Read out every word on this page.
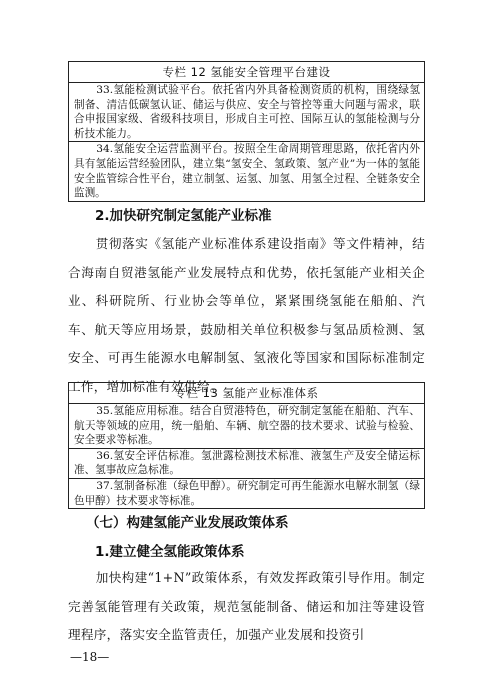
专栏 12 氢能安全管理平台建设
33.氢能检测试验平台。依托省内外具备检测资质的机构，围绕绿氢制备、清洁低碳氢认证、储运与供应、安全与管控等重大问题与需求，联合申报国家级、省级科技项目，形成自主可控、国际互认的氢能检测与分析技术能力。
34.氢能安全运营监测平台。按照全生命周期管理思路，依托省内外具有氢能运营经验团队，建立集“氢安全、氢政策、氢产业”为一体的氢能安全监管综合性平台，建立制氢、运氢、加氢、用氢全过程、全链条安全监测。
2.加快研究制定氢能产业标准
贯彻落实《氢能产业标准体系建设指南》等文件精神，结合海南自贸港氢能产业发展特点和优势，依托氢能产业相关企业、科研院所、行业协会等单位，紧紧围绕氢能在船舶、汽车、航天等应用场景，鼓励相关单位积极参与氢品质检测、氢安全、可再生能源水电解制氢、氢液化等国家和国际标准制定工作，增加标准有效供给。
专栏 13 氢能产业标准体系
35.氢能应用标准。结合自贸港特色，研究制定氢能在船舶、汽车、航天等领域的应用，统一船舶、车辆、航空器的技术要求、试验与检验、安全要求等标准。
36.氢安全评估标准。氢泄露检测技术标准、液氢生产及安全储运标准、氢事故应急标准。
37.氢制备标准（绿色甲醇）。研究制定可再生能源水电解水制氢（绿色甲醇）技术要求等标准。
（七）构建氢能产业发展政策体系
1.建立健全氢能政策体系
加快构建“1+N”政策体系，有效发挥政策引导作用。制定完善氢能管理有关政策，规范氢能制备、储运和加注等建设管理程序，落实安全监管责任，加强产业发展和投资引
—18—
